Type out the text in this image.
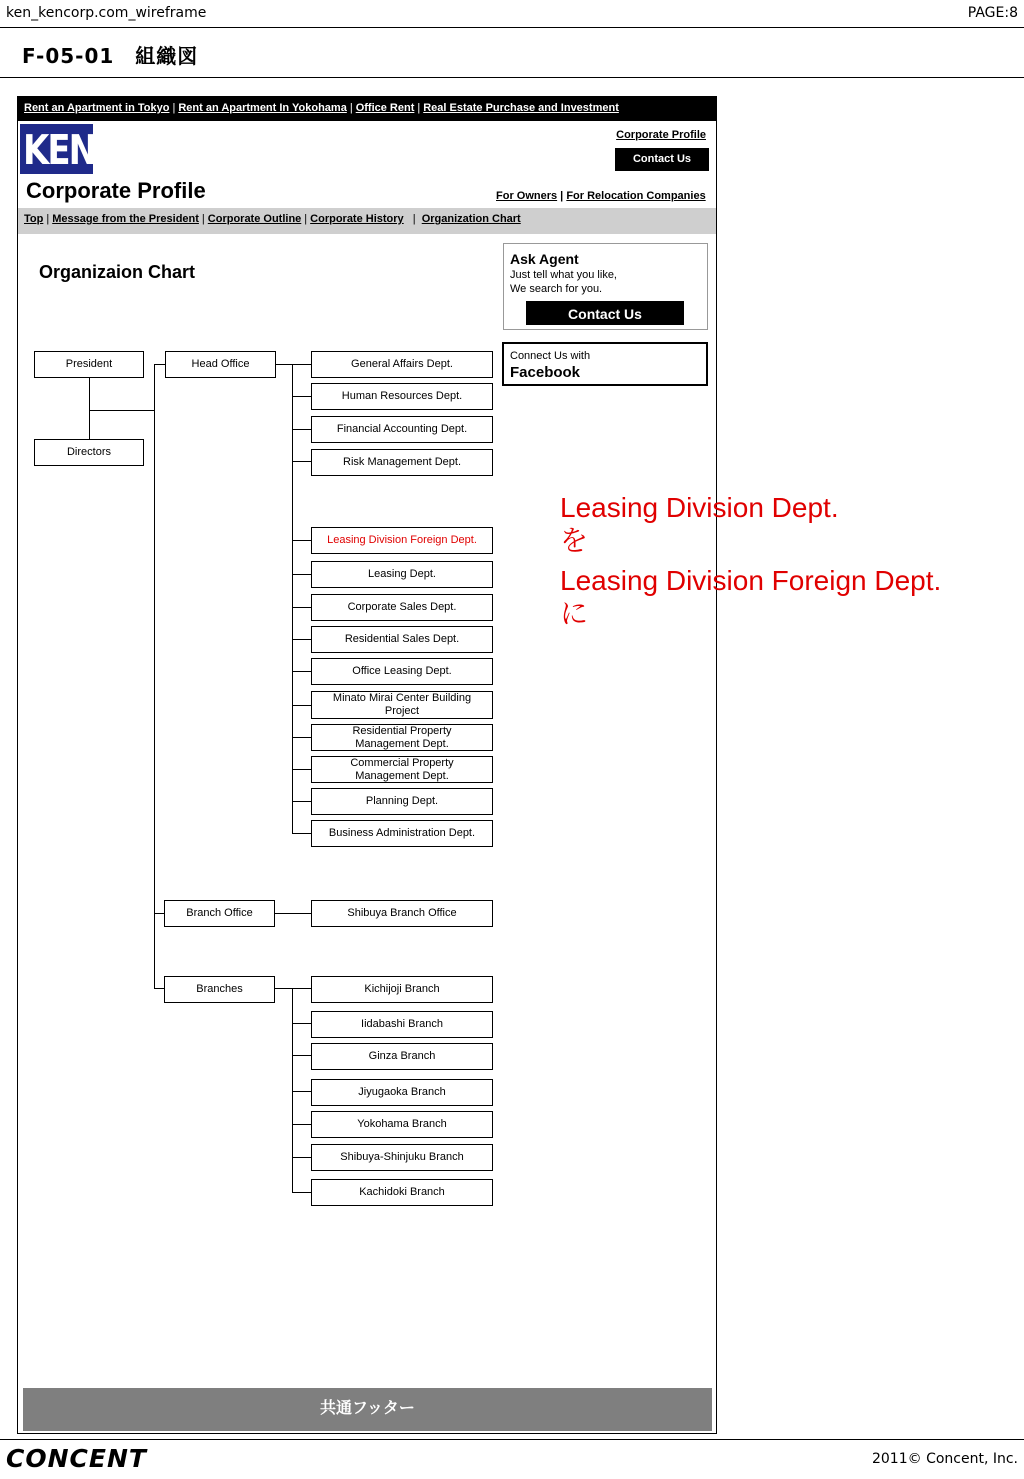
ken_kencorp.com_wireframe	PAGE:8
F-05-01　組織図
Rent an Apartment in Tokyo | Rent an Apartment In Yokohama | Office Rent | Real Estate Purchase and Investment
KEN	Corporate Profile
Contact Us
Corporate Profile	For Owners | For Relocation Companies
Top | Message from the President | Corporate Outline | Corporate History  | Organization Chart
Organizaion Chart
Ask Agent
Just tell what you like,
We search for you.
Contact Us
Connect Us with
Facebook
President
Directors
Head Office	General Affairs Dept.
Human Resources Dept.
Financial Accounting Dept.
Risk Management Dept.
Leasing Division Foreign Dept.
Leasing Dept.
Corporate Sales Dept.
Residential Sales Dept.
Office Leasing Dept.
Minato Mirai Center Building Project
Residential Property Management Dept.
Commercial Property Management Dept.
Planning Dept.
Business Administration Dept.
Branch Office	Shibuya Branch Office
Branches	Kichijoji Branch
Iidabashi Branch
Ginza Branch
Jiyugaoka Branch
Yokohama Branch
Shibuya-Shinjuku Branch
Kachidoki Branch
Leasing Division Dept.
を
Leasing Division Foreign Dept.
に
共通フッター
CONCENT	2011© Concent, Inc.
